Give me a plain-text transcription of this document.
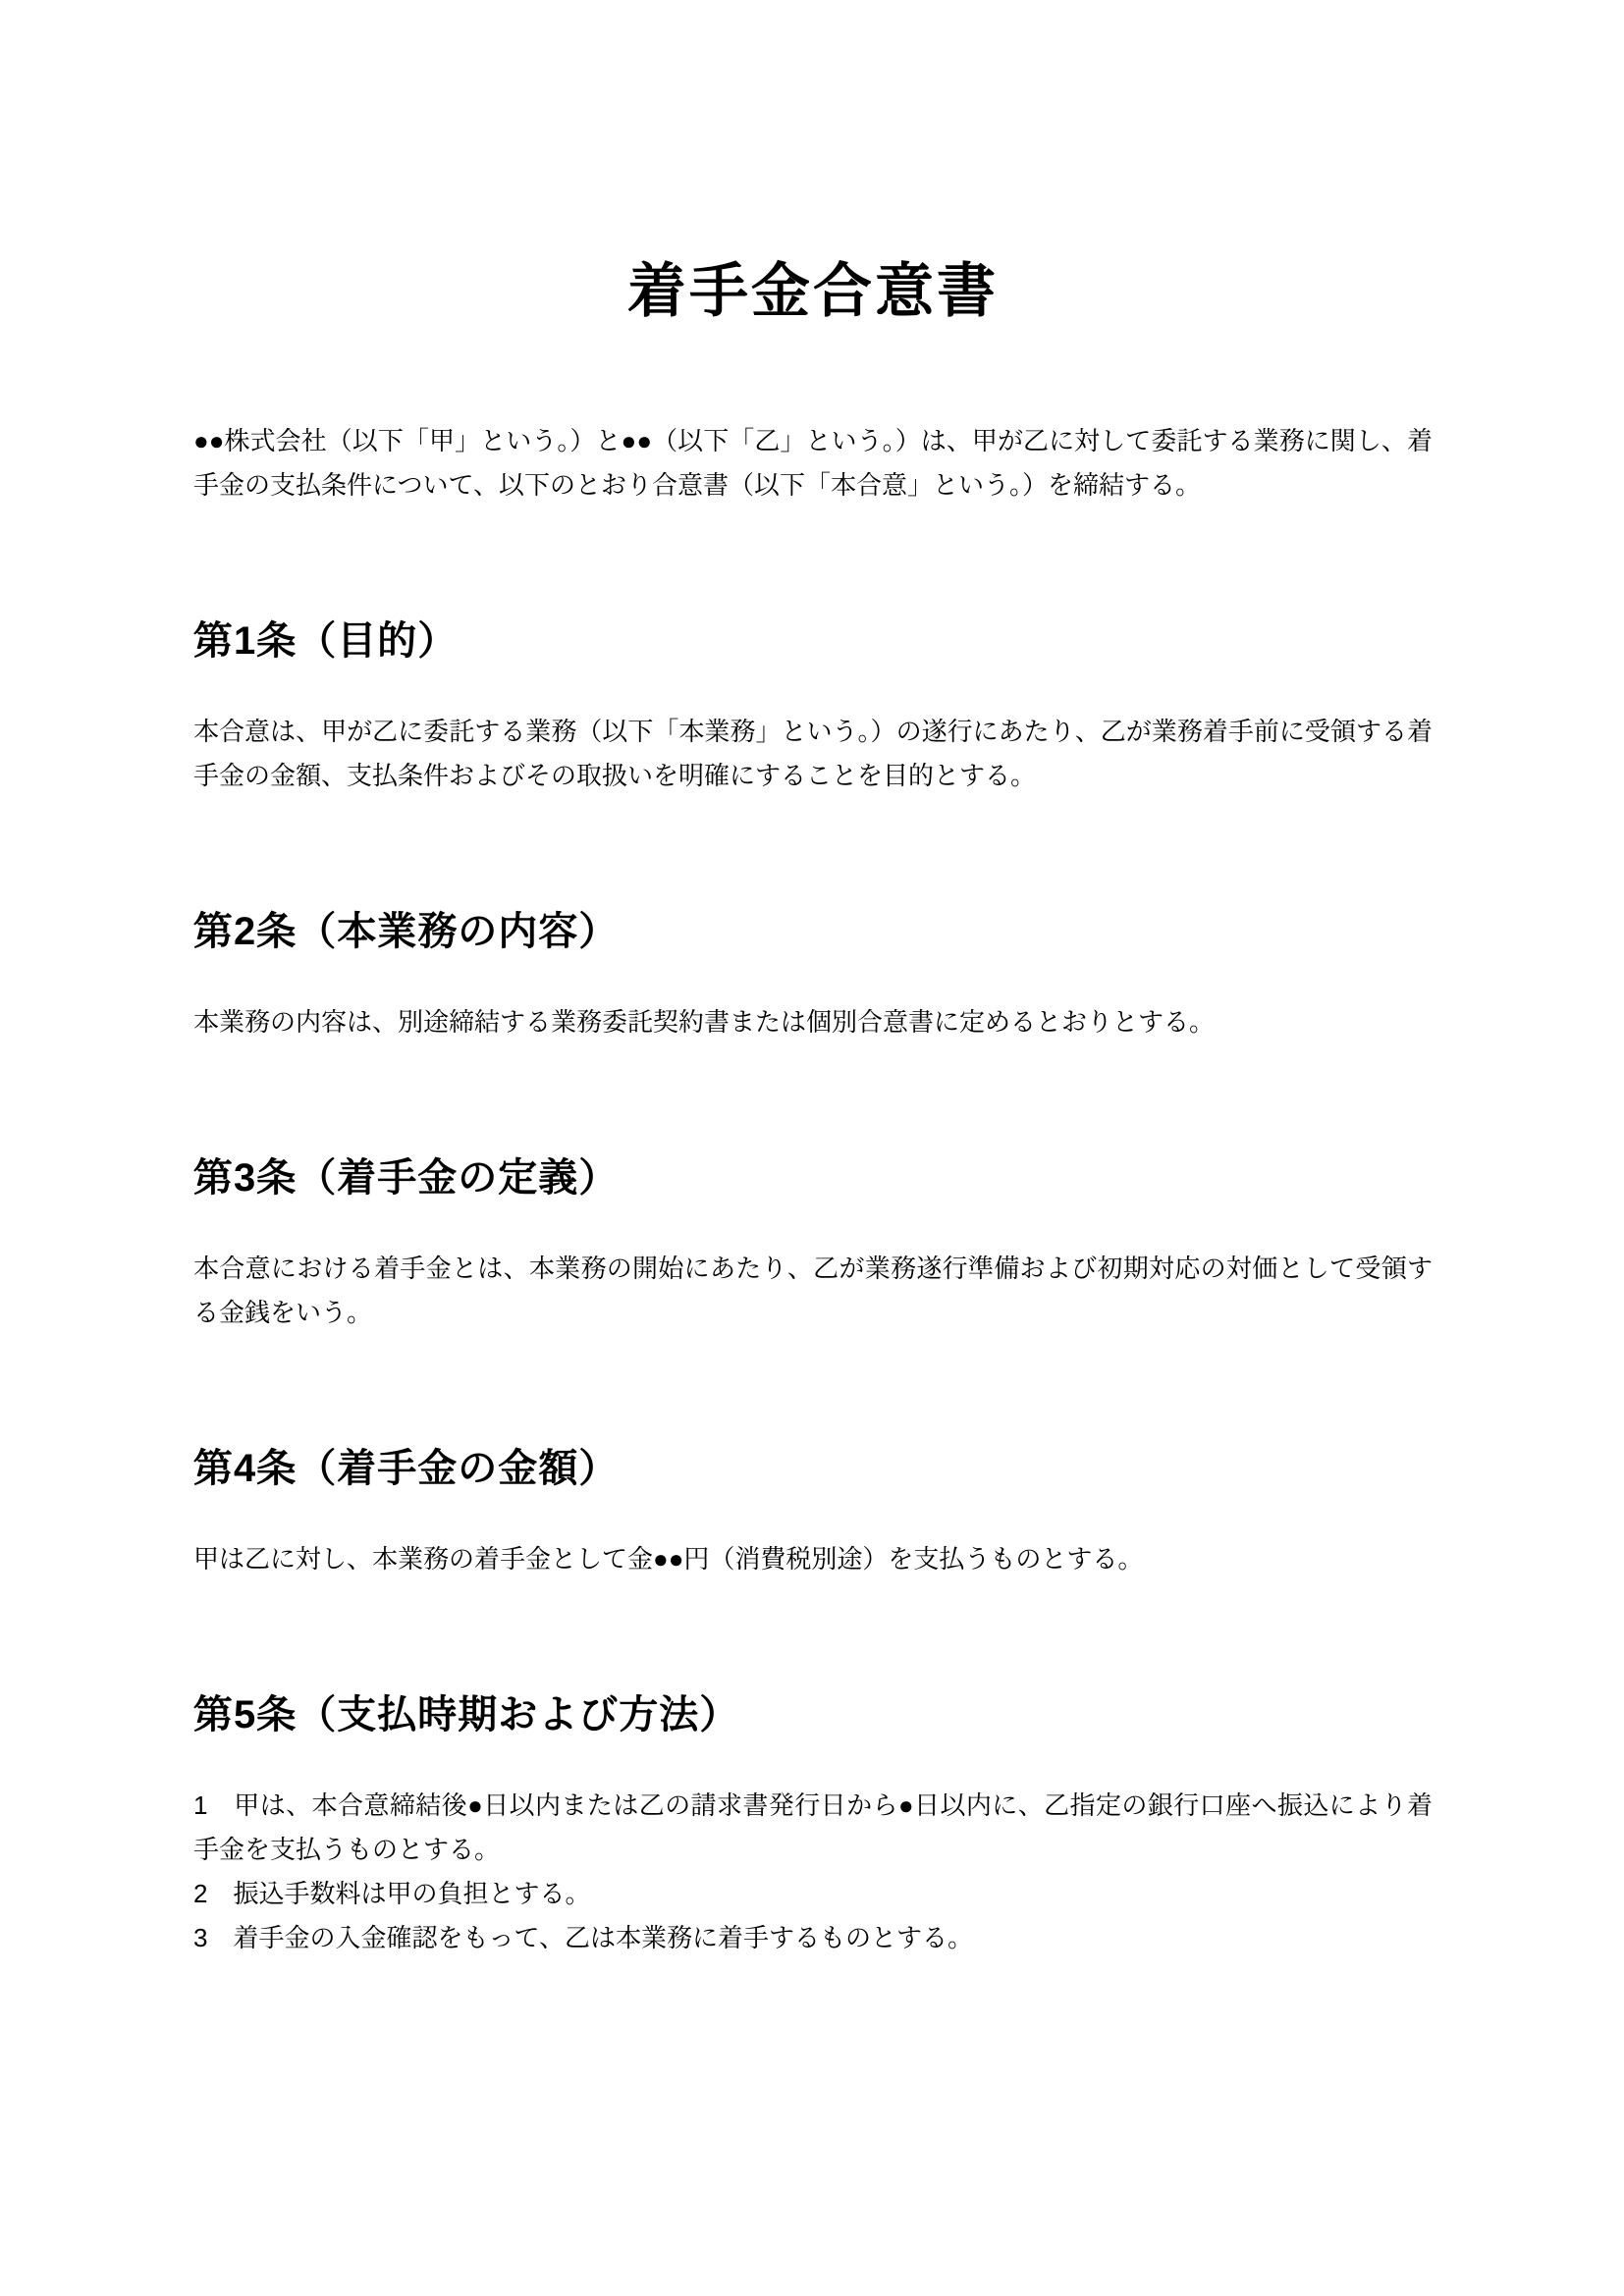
着手金合意書

●●株式会社（以下「甲」という。）と●●（以下「乙」という。）は、甲が乙に対して委託する業務に関し、着手金の支払条件について、以下のとおり合意書（以下「本合意」という。）を締結する。

第1条（目的）

本合意は、甲が乙に委託する業務（以下「本業務」という。）の遂行にあたり、乙が業務着手前に受領する着手金の金額、支払条件およびその取扱いを明確にすることを目的とする。

第2条（本業務の内容）

本業務の内容は、別途締結する業務委託契約書または個別合意書に定めるとおりとする。

第3条（着手金の定義）

本合意における着手金とは、本業務の開始にあたり、乙が業務遂行準備および初期対応の対価として受領する金銭をいう。

第4条（着手金の金額）

甲は乙に対し、本業務の着手金として金●●円（消費税別途）を支払うものとする。

第5条（支払時期および方法）

1　甲は、本合意締結後●日以内または乙の請求書発行日から●日以内に、乙指定の銀行口座へ振込により着手金を支払うものとする。

2　振込手数料は甲の負担とする。

3　着手金の入金確認をもって、乙は本業務に着手するものとする。
